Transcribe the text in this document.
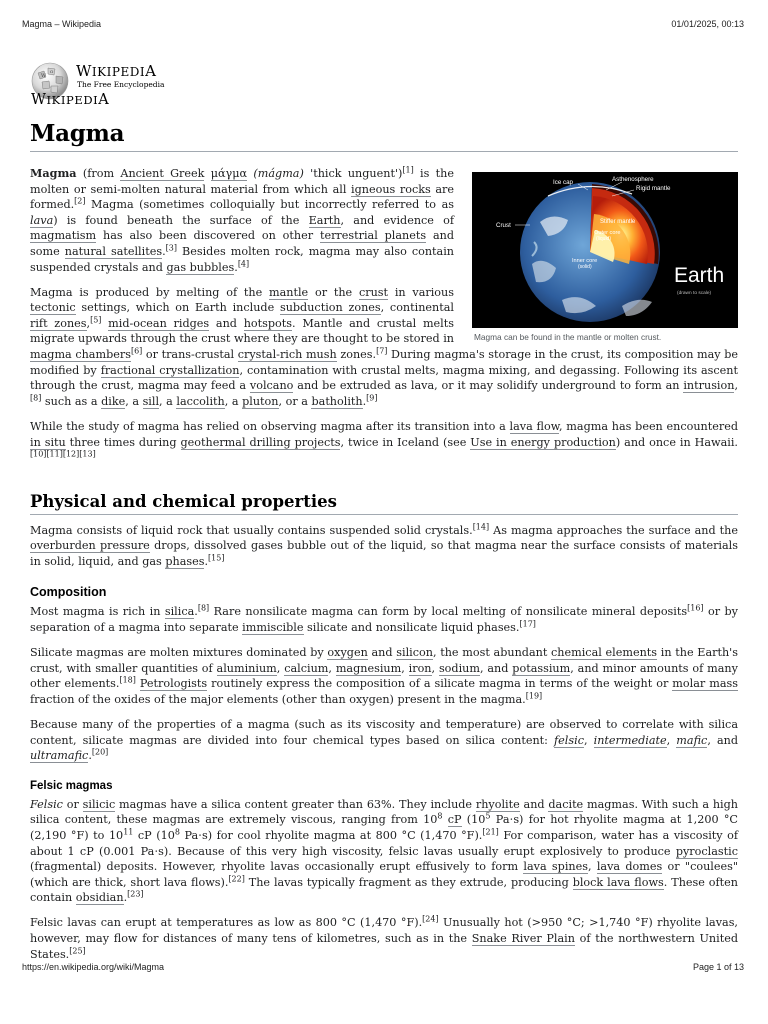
Magma – Wikipedia	01/01/2025, 00:13
W
Ω WIKIPEDIA
The Free Encyclopedia
WIKIPEDIA
Magma
Ice cap	Asthenosphere
Rigid mantle
Crust	Stiffer mantle
Outer core
(liquid)
Inner core
(solid)	Earth
(drawn to scale)
Magma can be found in the mantle or molten crust.

Magma (from Ancient Greek μάγμα (mágma) 'thick unguent')[1] is the molten or semi-molten natural material from which all igneous rocks are formed.[2] Magma (sometimes colloquially but incorrectly referred to as lava) is found beneath the surface of the Earth, and evidence of magmatism has also been discovered on other terrestrial planets and some natural satellites.[3] Besides molten rock, magma may also contain suspended crystals and gas bubbles.[4]

Magma is produced by melting of the mantle or the crust in various tectonic settings, which on Earth include subduction zones, continental rift zones,[5] mid-ocean ridges and hotspots. Mantle and crustal melts migrate upwards through the crust where they are thought to be stored in magma chambers[6] or trans-crustal crystal-rich mush zones.[7] During magma's storage in the crust, its composition may be modified by fractional crystallization, contamination with crustal melts, magma mixing, and degassing. Following its ascent through the crust, magma may feed a volcano and be extruded as lava, or it may solidify underground to form an intrusion,[8] such as a dike, a sill, a laccolith, a pluton, or a batholith.[9]

While the study of magma has relied on observing magma after its transition into a lava flow, magma has been encountered in situ three times during geothermal drilling projects, twice in Iceland (see Use in energy production) and once in Hawaii.[10][11][12][13]

Physical and chemical properties

Magma consists of liquid rock that usually contains suspended solid crystals.[14] As magma approaches the surface and the overburden pressure drops, dissolved gases bubble out of the liquid, so that magma near the surface consists of materials in solid, liquid, and gas phases.[15]

Composition

Most magma is rich in silica.[8] Rare nonsilicate magma can form by local melting of nonsilicate mineral deposits[16] or by separation of a magma into separate immiscible silicate and nonsilicate liquid phases.[17]

Silicate magmas are molten mixtures dominated by oxygen and silicon, the most abundant chemical elements in the Earth's crust, with smaller quantities of aluminium, calcium, magnesium, iron, sodium, and potassium, and minor amounts of many other elements.[18] Petrologists routinely express the composition of a silicate magma in terms of the weight or molar mass fraction of the oxides of the major elements (other than oxygen) present in the magma.[19]

Because many of the properties of a magma (such as its viscosity and temperature) are observed to correlate with silica content, silicate magmas are divided into four chemical types based on silica content: felsic, intermediate, mafic, and ultramafic.[20]

Felsic magmas

Felsic or silicic magmas have a silica content greater than 63%. They include rhyolite and dacite magmas. With such a high silica content, these magmas are extremely viscous, ranging from $10^8$ cP ($10^5$ Pa⋅s) for hot rhyolite magma at 1,200 °C (2,190 °F) to $10^{11}$ cP ($10^8$ Pa⋅s) for cool rhyolite magma at 800 °C (1,470 °F).[21] For comparison, water has a viscosity of about 1 cP (0.001 Pa⋅s). Because of this very high viscosity, felsic lavas usually erupt explosively to produce pyroclastic (fragmental) deposits. However, rhyolite lavas occasionally erupt effusively to form lava spines, lava domes or "coulees" (which are thick, short lava flows).[22] The lavas typically fragment as they extrude, producing block lava flows. These often contain obsidian.[23]

Felsic lavas can erupt at temperatures as low as 800 °C (1,470 °F).[24] Unusually hot (>950 °C; >1,740 °F) rhyolite lavas, however, may flow for distances of many tens of kilometres, such as in the Snake River Plain of the northwestern United States.[25]

https://en.wikipedia.org/wiki/Magma	Page 1 of 13
